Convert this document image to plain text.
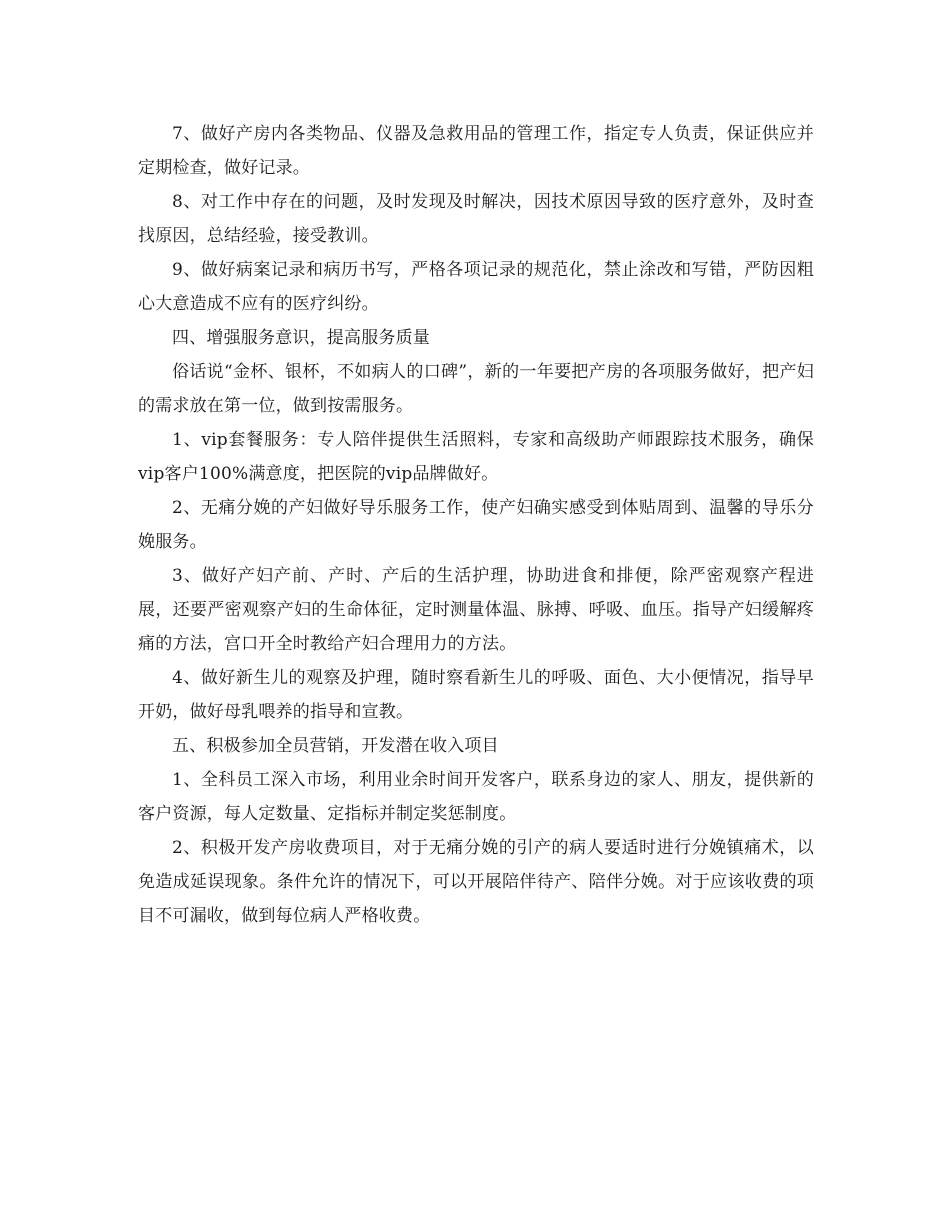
7、做好产房内各类物品、仪器及急救用品的管理工作，指定专人负责，保证供应并定期检查，做好记录。

8、对工作中存在的问题，及时发现及时解决，因技术原因导致的医疗意外，及时查找原因，总结经验，接受教训。

9、做好病案记录和病历书写，严格各项记录的规范化，禁止涂改和写错，严防因粗心大意造成不应有的医疗纠纷。

四、增强服务意识，提高服务质量

俗话说“金杯、银杯，不如病人的口碑”，新的一年要把产房的各项服务做好，把产妇的需求放在第一位，做到按需服务。

1、vip套餐服务：专人陪伴提供生活照料，专家和高级助产师跟踪技术服务，确保vip客户100%满意度，把医院的vip品牌做好。

2、无痛分娩的产妇做好导乐服务工作，使产妇确实感受到体贴周到、温馨的导乐分娩服务。

3、做好产妇产前、产时、产后的生活护理，协助进食和排便，除严密观察产程进展，还要严密观察产妇的生命体征，定时测量体温、脉搏、呼吸、血压。指导产妇缓解疼痛的方法，宫口开全时教给产妇合理用力的方法。

4、做好新生儿的观察及护理，随时察看新生儿的呼吸、面色、大小便情况，指导早开奶，做好母乳喂养的指导和宣教。

五、积极参加全员营销，开发潜在收入项目

1、全科员工深入市场，利用业余时间开发客户，联系身边的家人、朋友，提供新的客户资源，每人定数量、定指标并制定奖惩制度。

2、积极开发产房收费项目，对于无痛分娩的引产的病人要适时进行分娩镇痛术，以免造成延误现象。条件允许的情况下，可以开展陪伴待产、陪伴分娩。对于应该收费的项目不可漏收，做到每位病人严格收费。
